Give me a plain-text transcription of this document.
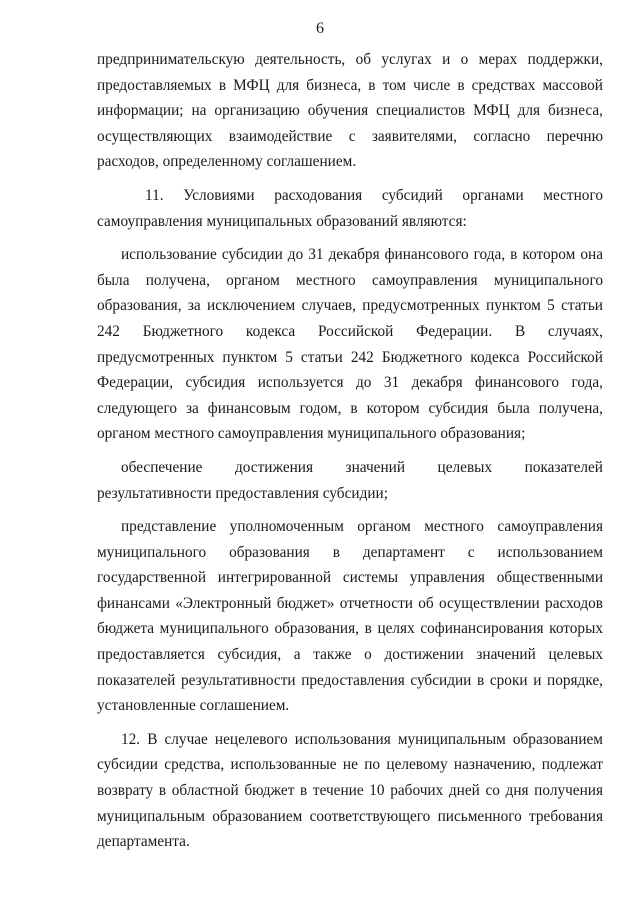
6

предпринимательскую деятельность, об услугах и о мерах поддержки, предоставляемых в МФЦ для бизнеса, в том числе в средствах массовой информации; на организацию обучения специалистов МФЦ для бизнеса, осуществляющих взаимодействие с заявителями, согласно перечню расходов, определенному соглашением.

11. Условиями расходования субсидий органами местного самоуправления муниципальных образований являются:

использование субсидии до 31 декабря финансового года, в котором она была получена, органом местного самоуправления муниципального образования, за исключением случаев, предусмотренных пунктом 5 статьи 242 Бюджетного кодекса Российской Федерации. В случаях, предусмотренных пунктом 5 статьи 242 Бюджетного кодекса Российской Федерации, субсидия используется до 31 декабря финансового года, следующего за финансовым годом, в котором субсидия была получена, органом местного самоуправления муниципального образования;

обеспечение достижения значений целевых показателей результативности предоставления субсидии;

представление уполномоченным органом местного самоуправления муниципального образования в департамент с использованием государственной интегрированной системы управления общественными финансами «Электронный бюджет» отчетности об осуществлении расходов бюджета муниципального образования, в целях софинансирования которых предоставляется субсидия, а также о достижении значений целевых показателей результативности предоставления субсидии в сроки и порядке, установленные соглашением.

12. В случае нецелевого использования муниципальным образованием субсидии средства, использованные не по целевому назначению, подлежат возврату в областной бюджет в течение 10 рабочих дней со дня получения муниципальным образованием соответствующего письменного требования департамента.
